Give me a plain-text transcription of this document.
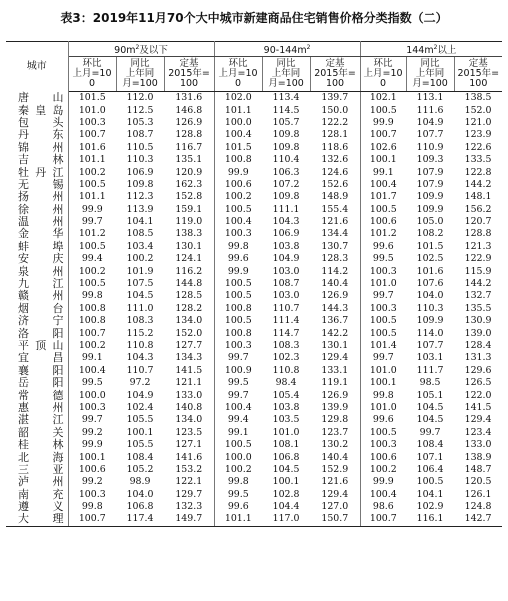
表3：2019年11月70个大中城市新建商品住宅销售价格分类指数（二）
城市	$90m^2$及以下			$90-144m^2$			$144m^2$以上		

	环比
上月=10
0	同比
上年同
月=100	定基
2015年=
100	环比
上月=10
0	同比
上年同
月=100	定基
2015年=
100	环比
上月=10
0	同比
上年同
月=100	定基
2015年=
100

唐山	101.5	112.0	131.6	102.0	113.4	139.7	102.1	113.1	138.5
秦皇岛	101.0	112.5	146.8	101.1	114.5	150.0	100.5	111.6	152.0
包头	100.3	105.3	126.9	100.0	105.7	122.2	99.9	104.9	121.0
丹东	100.7	108.7	128.8	100.4	109.8	128.1	100.7	107.7	123.9
锦州	101.6	110.5	116.7	101.5	109.8	118.6	102.6	110.9	122.6
吉林	101.1	110.3	135.1	100.8	110.4	132.6	100.1	109.3	133.5
牡丹江	100.2	106.9	120.9	99.9	106.3	124.6	99.1	107.9	122.8
无锡	100.5	109.8	162.3	100.6	107.2	152.6	100.4	107.9	144.2
扬州	101.1	112.3	152.8	100.2	109.8	148.9	101.7	109.9	148.1
徐州	99.9	113.9	159.1	100.5	111.1	155.4	100.5	109.9	156.2
温州	99.7	104.1	119.0	100.4	104.3	121.6	100.6	105.0	120.7
金华	101.2	108.5	138.3	100.3	106.9	134.4	101.2	108.2	128.8
蚌埠	100.5	103.4	130.1	99.8	103.8	130.7	99.6	101.5	121.3
安庆	99.4	100.2	124.1	99.6	104.9	128.3	99.5	102.5	122.9
泉州	100.2	101.9	116.2	99.9	103.0	114.2	100.3	101.6	115.9
九江	100.5	107.5	144.8	100.5	108.7	140.4	101.0	107.6	144.2
赣州	99.8	104.5	128.5	100.5	103.0	126.9	99.7	104.0	132.7
烟台	100.8	111.0	128.2	100.8	110.7	144.3	100.3	110.3	135.5
济宁	100.8	108.3	134.0	100.5	111.4	136.7	100.5	109.9	130.9
洛阳	100.7	115.2	152.0	100.8	114.7	142.2	100.5	114.0	139.0
平顶山	100.2	110.8	127.7	100.3	108.3	130.1	101.4	107.7	128.4
宜昌	99.1	104.3	134.3	99.7	102.3	129.4	99.7	103.1	131.3
襄阳	100.4	110.7	141.5	100.9	110.8	133.1	101.0	111.7	129.6
岳阳	99.5	97.2	121.1	99.5	98.4	119.1	100.1	98.5	126.5
常德	100.0	104.9	133.0	99.7	105.4	126.9	99.8	105.1	122.0
惠州	100.3	102.4	140.8	100.4	103.8	139.9	101.0	104.5	141.5
湛江	99.7	105.5	134.0	99.4	103.5	129.8	99.6	104.5	129.4
韶关	99.2	100.1	123.5	99.1	101.0	123.7	100.5	99.7	123.4
桂林	99.9	105.5	127.1	100.5	108.1	130.2	100.3	108.4	133.0
北海	100.1	108.4	141.6	100.0	106.8	140.4	100.6	107.1	138.9
三亚	100.6	105.2	153.2	100.2	104.5	152.9	100.2	106.4	148.7
泸州	99.2	98.9	122.1	99.8	100.1	121.6	99.9	100.5	120.5
南充	100.3	104.0	129.7	99.5	102.8	129.4	100.4	104.1	126.1
遵义	99.8	106.8	132.3	99.6	104.4	127.0	98.6	102.9	124.8
大理	100.7	117.4	149.7	101.1	117.0	150.7	100.7	116.1	142.7
